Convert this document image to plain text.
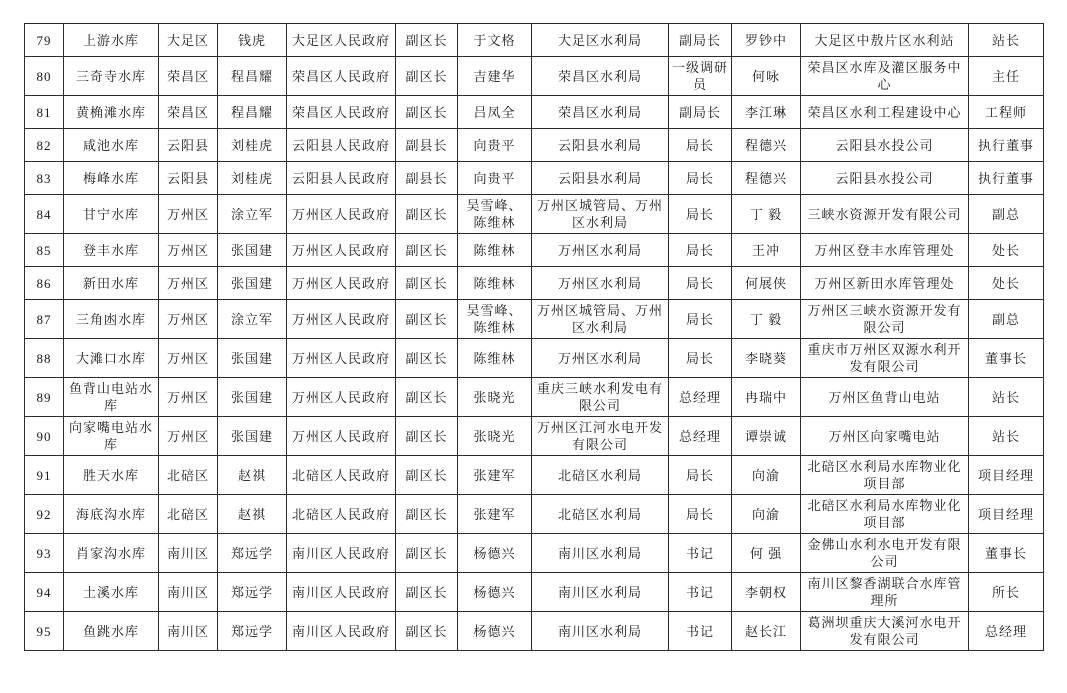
79	上游水库	大足区	钱虎	大足区人民政府	副区长	于文格	大足区水利局	副局长	罗钞中	大足区中敖片区水利站	站长
80	三奇寺水库	荣昌区	程昌耀	荣昌区人民政府	副区长	吉建华	荣昌区水利局	一级调研员	何咏	荣昌区水库及灌区服务中心	主任
81	黄桷滩水库	荣昌区	程昌耀	荣昌区人民政府	副区长	吕凤全	荣昌区水利局	副局长	李江琳	荣昌区水利工程建设中心	工程师
82	咸池水库	云阳县	刘桂虎	云阳县人民政府	副县长	向贵平	云阳县水利局	局长	程德兴	云阳县水投公司	执行董事
83	梅峰水库	云阳县	刘桂虎	云阳县人民政府	副县长	向贵平	云阳县水利局	局长	程德兴	云阳县水投公司	执行董事
84	甘宁水库	万州区	涂立军	万州区人民政府	副区长	吴雪峰、陈维林	万州区城管局、万州区水利局	局长	丁 毅	三峡水资源开发有限公司	副总
85	登丰水库	万州区	张国建	万州区人民政府	副区长	陈维林	万州区水利局	局长	王冲	万州区登丰水库管理处	处长
86	新田水库	万州区	张国建	万州区人民政府	副区长	陈维林	万州区水利局	局长	何展侠	万州区新田水库管理处	处长
87	三角凼水库	万州区	涂立军	万州区人民政府	副区长	吴雪峰、陈维林	万州区城管局、万州区水利局	局长	丁 毅	万州区三峡水资源开发有限公司	副总
88	大滩口水库	万州区	张国建	万州区人民政府	副区长	陈维林	万州区水利局	局长	李晓葵	重庆市万州区双源水利开发有限公司	董事长
89	鱼背山电站水库	万州区	张国建	万州区人民政府	副区长	张晓光	重庆三峡水利发电有限公司	总经理	冉瑞中	万州区鱼背山电站	站长
90	向家嘴电站水库	万州区	张国建	万州区人民政府	副区长	张晓光	万州区江河水电开发有限公司	总经理	谭崇诚	万州区向家嘴电站	站长
91	胜天水库	北碚区	赵祺	北碚区人民政府	副区长	张建军	北碚区水利局	局长	向渝	北碚区水利局水库物业化项目部	项目经理
92	海底沟水库	北碚区	赵祺	北碚区人民政府	副区长	张建军	北碚区水利局	局长	向渝	北碚区水利局水库物业化项目部	项目经理
93	肖家沟水库	南川区	郑远学	南川区人民政府	副区长	杨德兴	南川区水利局	书记	何 强	金佛山水利水电开发有限公司	董事长
94	土溪水库	南川区	郑远学	南川区人民政府	副区长	杨德兴	南川区水利局	书记	李朝权	南川区黎香湖联合水库管理所	所长
95	鱼跳水库	南川区	郑远学	南川区人民政府	副区长	杨德兴	南川区水利局	书记	赵长江	葛洲坝重庆大溪河水电开发有限公司	总经理
